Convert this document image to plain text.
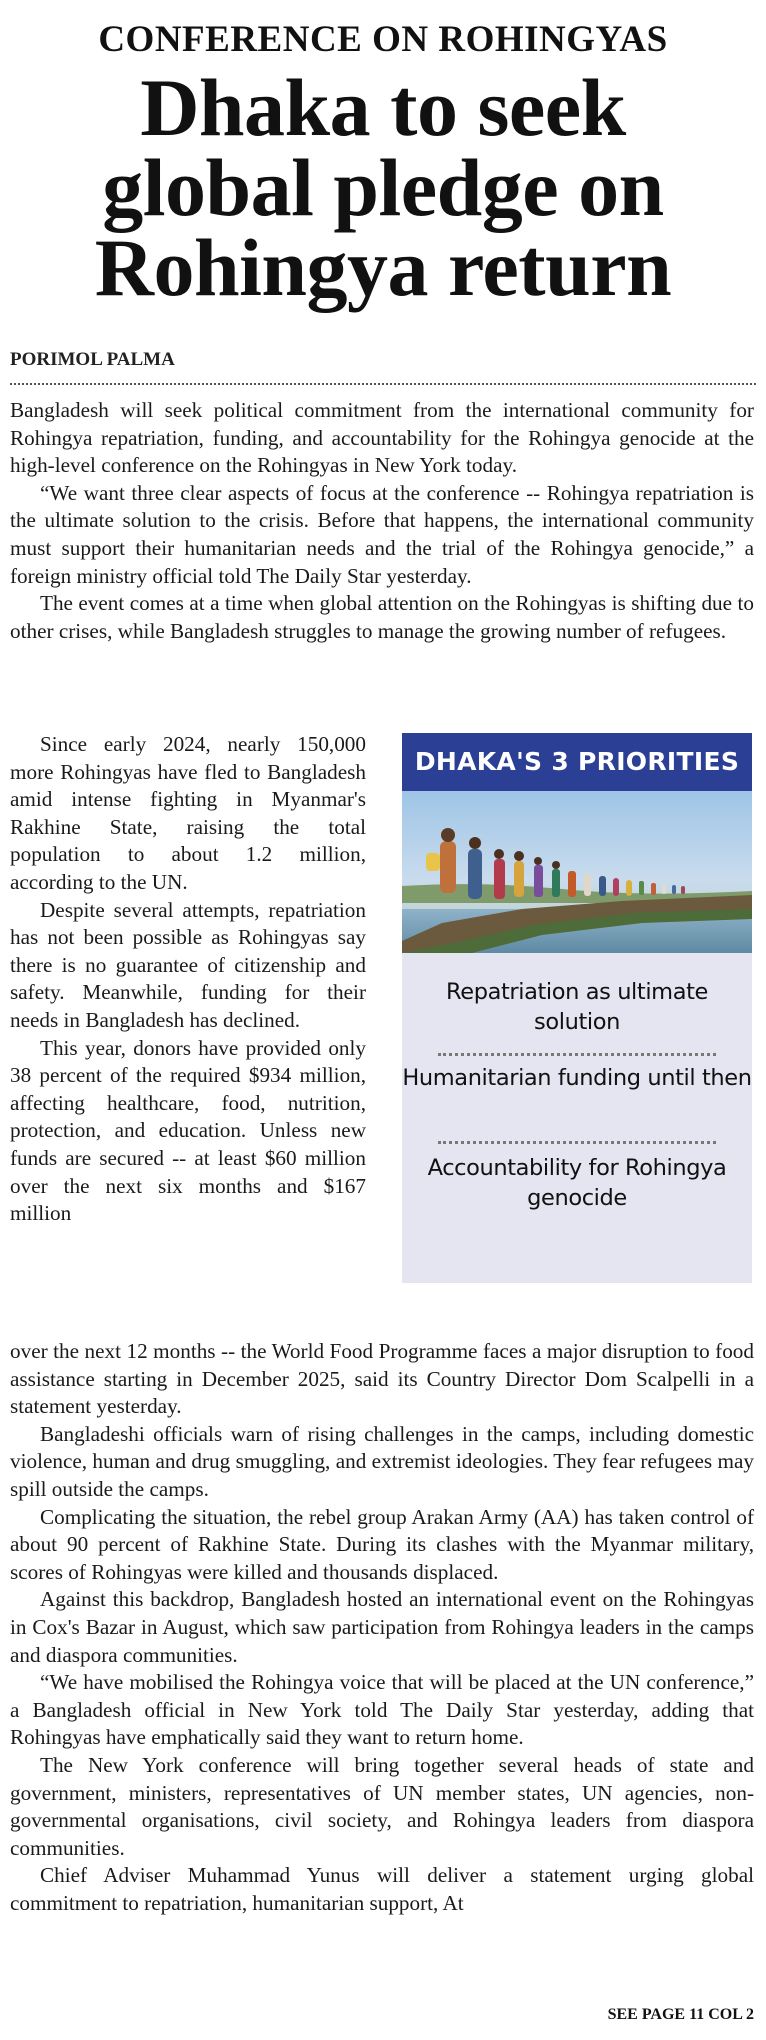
CONFERENCE ON ROHINGYAS
Dhaka to seek global pledge on Rohingya return
PORIMOL PALMA

Bangladesh will seek political commitment from the international community for Rohingya repatriation, funding, and accountability for the Rohingya genocide at the high-level conference on the Rohingyas in New York today.

“We want three clear aspects of focus at the conference -- Rohingya repatriation is the ultimate solution to the crisis. Before that happens, the international community must support their humanitarian needs and the trial of the Rohingya genocide,” a foreign ministry official told The Daily Star yesterday.

The event comes at a time when global attention on the Rohingyas is shifting due to other crises, while Bangladesh struggles to manage the growing number of refugees.

Since early 2024, nearly 150,000 more Rohingyas have fled to Bangladesh amid intense fighting in Myanmar's Rakhine State, raising the total population to about 1.2 million, according to the UN.

Despite several attempts, repatriation has not been possible as Rohingyas say there is no guarantee of citizenship and safety. Meanwhile, funding for their needs in Bangladesh has declined.

This year, donors have provided only 38 percent of the required $934 million, affecting healthcare, food, nutrition, protection, and education. Unless new funds are secured -- at least $60 million over the next six months and $167 million

DHAKA'S 3 PRIORITIES
Repatriation as ultimate solution
Humanitarian funding until then
Accountability for Rohingya genocide

over the next 12 months -- the World Food Programme faces a major disruption to food assistance starting in December 2025, said its Country Director Dom Scalpelli in a statement yesterday.

Bangladeshi officials warn of rising challenges in the camps, including domestic violence, human and drug smuggling, and extremist ideologies. They fear refugees may spill outside the camps.

Complicating the situation, the rebel group Arakan Army (AA) has taken control of about 90 percent of Rakhine State. During its clashes with the Myanmar military, scores of Rohingyas were killed and thousands displaced.

Against this backdrop, Bangladesh hosted an international event on the Rohingyas in Cox's Bazar in August, which saw participation from Rohingya leaders in the camps and diaspora communities.

“We have mobilised the Rohingya voice that will be placed at the UN conference,” a Bangladesh official in New York told The Daily Star yesterday, adding that Rohingyas have emphatically said they want to return home.

The New York conference will bring together several heads of state and government, ministers, representatives of UN member states, UN agencies, non-governmental organisations, civil society, and Rohingya leaders from diaspora communities.

Chief Adviser Muhammad Yunus will deliver a statement urging global commitment to repatriation, humanitarian support, At

SEE PAGE 11 COL 2
